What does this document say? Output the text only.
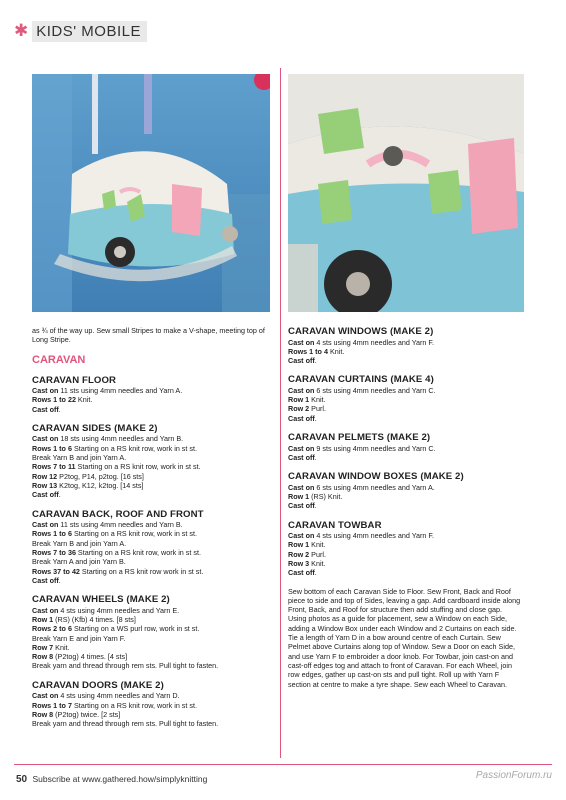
✱ KIDS' MOBILE

as ¾ of the way up. Sew small Stripes to make a V-shape, meeting top of Long Stripe.

CARAVAN
CARAVAN FLOOR

Cast on 11 sts using 4mm needles and Yarn A.

Rows 1 to 22 Knit.

Cast off.

CARAVAN SIDES (MAKE 2)

Cast on 18 sts using 4mm needles and Yarn B.

Rows 1 to 6 Starting on a RS knit row, work in st st.

Break Yarn B and join Yarn A.

Rows 7 to 11 Starting on a RS knit row, work in st st.

Row 12 P2tog, P14, p2tog. [16 sts]

Row 13 K2tog, K12, k2tog. [14 sts]

Cast off.

CARAVAN BACK, ROOF AND FRONT

Cast on 11 sts using 4mm needles and Yarn B.

Rows 1 to 6 Starting on a RS knit row, work in st st.

Break Yarn B and join Yarn A.

Rows 7 to 36 Starting on a RS knit row, work in st st.

Break Yarn A and join Yarn B.

Rows 37 to 42 Starting on a RS knit row work in st st.

Cast off.

CARAVAN WHEELS (MAKE 2)

Cast on 4 sts using 4mm needles and Yarn E.

Row 1 (RS) (Kfb) 4 times. [8 sts]

Rows 2 to 6 Starting on a WS purl row, work in st st.

Break Yarn E and join Yarn F.

Row 7 Knit.

Row 8 (P2tog) 4 times. [4 sts]

Break yarn and thread through rem sts. Pull tight to fasten.

CARAVAN DOORS (MAKE 2)

Cast on 4 sts using 4mm needles and Yarn D.

Rows 1 to 7 Starting on a RS knit row, work in st st.

Row 8 (P2tog) twice. [2 sts]

Break yarn and thread through rem sts. Pull tight to fasten.

CARAVAN WINDOWS (MAKE 2)

Cast on 4 sts using 4mm needles and Yarn F.

Rows 1 to 4 Knit.

Cast off.

CARAVAN CURTAINS (MAKE 4)

Cast on 6 sts using 4mm needles and Yarn C.

Row 1 Knit.

Row 2 Purl.

Cast off.

CARAVAN PELMETS (MAKE 2)

Cast on 9 sts using 4mm needles and Yarn C.

Cast off.

CARAVAN WINDOW BOXES (MAKE 2)

Cast on 6 sts using 4mm needles and Yarn A.

Row 1 (RS) Knit.

Cast off.

CARAVAN TOWBAR

Cast on 4 sts using 4mm needles and Yarn F.

Row 1 Knit.

Row 2 Purl.

Row 3 Knit.

Cast off.

Sew bottom of each Caravan Side to Floor. Sew Front, Back and Roof piece to side and top of Sides, leaving a gap. Add cardboard inside along Front, Back, and Roof for structure then add stuffing and close gap. Using photos as a guide for placement, sew a Window on each Side, adding a Window Box under each Window and 2 Curtains on each side. Tie a length of Yarn D in a bow around centre of each Curtain. Sew Pelmet above Curtains along top of Window. Sew a Door on each Side, and use Yarn F to embroider a door knob. For Towbar, join cast-on and cast-off edges tog and attach to front of Caravan. For each Wheel, join row edges, gather up cast-on sts and pull tight. Roll up with Yarn F section at centre to make a tyre shape. Sew each Wheel to Caravan.

50 Subscribe at www.gathered.how/simplyknitting	PassionForum.ru
